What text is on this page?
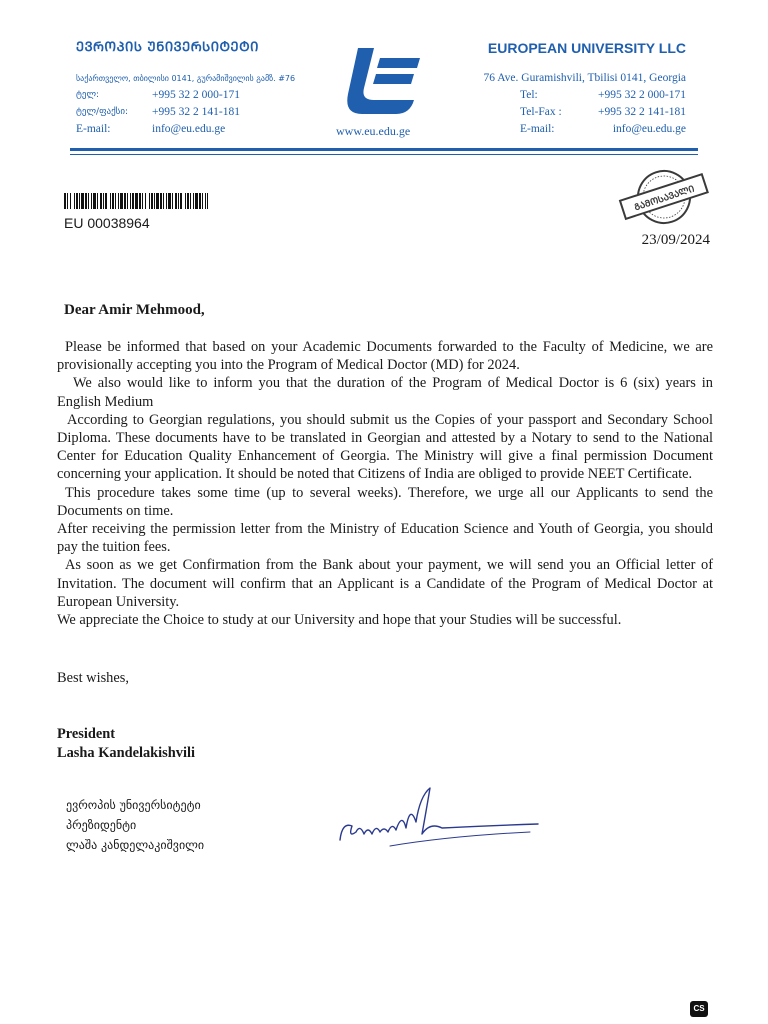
ᲔᲕᲠᲝᲞᲘᲡ ᲣᲜᲘᲕᲔᲠᲡᲘᲢᲔᲢᲘ	EUROPEAN UNIVERSITY LLC
საქართველო, თბილისი 0141, გურამიშვილის გამზ. #76
ტელ:	+995 32 2 000-171
ტელ/ფაქსი:	+995 32 2 141-181
E-mail:	info@eu.edu.ge	www.eu.edu.ge
76 Ave. Guramishvili, Tbilisi 0141, Georgia
Tel:	+995 32 2 000-171
Tel-Fax :	+995 32 2 141-181
E-mail:	info@eu.edu.ge
EU 00038964
ᲒᲐᲛᲝᲡᲐᲕᲐᲚᲘ
23/09/2024
Dear Amir Mehmood,

Please be informed that based on your Academic Documents forwarded to the Faculty of Medicine, we are provisionally accepting you into the Program of Medical Doctor (MD) for 2024.

We also would like to inform you that the duration of the Program of Medical Doctor is 6 (six) years in English Medium

According to Georgian regulations, you should submit us the Copies of your passport and Secondary School Diploma. These documents have to be translated in Georgian and attested by a Notary to send to the National Center for Education Quality Enhancement of Georgia. The Ministry will give a final permission Document concerning your application. It should be noted that Citizens of India are obliged to provide NEET Certificate.

This procedure takes some time (up to several weeks). Therefore, we urge all our Applicants to send the Documents on time.

After receiving the permission letter from the Ministry of Education Science and Youth of Georgia, you should pay the tuition fees.

As soon as we get Confirmation from the Bank about your payment, we will send you an Official letter of Invitation. The document will confirm that an Applicant is a Candidate of the Program of Medical Doctor at European University.

We appreciate the Choice to study at our University and hope that your Studies will be successful.

Best wishes,
President
Lasha Kandelakishvili
ევროპის უნივერსიტეტი
პრეზიდენტი
ლაშა კანდელაკიშვილი
CS
